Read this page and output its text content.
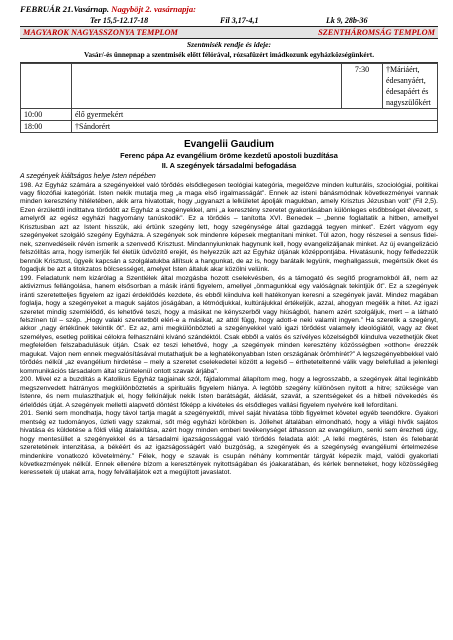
FEBRUÁR 21.Vasárnap. Nagyböjt 2. vasárnapja:
Ter 15,5-12.17-18	Fil 3,17-4,1	Lk 9, 28b-36
MAGYAROK NAGYASSZONYA TEMPLOM	SZENTHÁROMSÁG TEMPLOM
Szentmisék rendje és ideje:
Vasár/-és ünnepnap a szentmisék előtt félórával, rózsafüzért imádkozunk egyházközségünkért.
		7:30	†Máriáért, édesanyáért, édesapáért és nagyszülőkért
10:00	élő gyermekért		
18:00	†Sándorért		
Evangelii Gaudium
Ferenc pápa Az evangélium öröme kezdetű apostoli buzdítása
II. A szegények társadalmi befogadása
A szegények kiáltságos helye Isten népében

198. Az Egyház számára a szegényekkel való törődés elsődlegesen teológiai kategória, megelőzve minden kulturális, szociológiai, politikai vagy filozófiai kategóriát. Isten nekik mutatja meg „a maga első irgalmasságát”. Ennek az isteni bánásmódnak következményei vannak minden keresztény hitéletében, akik arra hivatottak, hogy „ugyanazt a lelkületet ápolják magukban, amely Krisztus Jézusban volt” (Fil 2,5). Ezen érzülettől indíttatva törődött az Egyház a szegényekkel, ami „a keresztény szeretet gyakorlásában különleges elsőbbséget élvezett, s amelyről az egész egyházi hagyomány tanúskodik”. Ez a törődés – tanította XVI. Benedek – „benne foglaltatik a hitben, amellyel Krisztusban azt az Istent hisszük, aki értünk szegény lett, hogy szegénysége által gazdaggá tegyen minket”. Ezért vágyom egy szegényeket szolgáló szegény Egyházra. A szegények sok mindenre képesek megtanítani minket. Túl azon, hogy részesei a sensus fidei-nek, szenvedéseik révén ismerik a szenvedő Krisztust. Mindannyiunknak hagynunk kell, hogy evangelizáljanak minket. Az új evangelizáció felszólítás arra, hogy ismerjük fel életük üdvözítő erejét, és helyezzük azt az Egyház útjának középpontjába. Hivatásunk, hogy felfedezzük bennük Krisztust, ügyeik kapcsán a szolgálatukba állítsuk a hangunkat, de az is, hogy barátaik legyünk, meghallgassuk, megértsük őket és fogadjuk be azt a titokzatos bölcsességet, amelyet Isten általuk akar közölni velünk.

199. Feladatunk nem kizárólag a Szentlélek által mozgásba hozott cselekvésben, és a támogató és segítő programokból áll, nem az aktivizmus fellángolása, hanem elsősorban a másik iránti figyelem, amellyel „önmagunkkal egy valóságnak tekintjük őt”. Ez a szegények iránti szeretetteljes figyelem az igazi érdeklődés kezdete, és ebből kiindulva kell hatékonyan keresni a szegények javát. Mindez magában foglalja, hogy a szegényeket a maguk sajátos jóságában, a létmódjukkal, kultúrájukkal értékeljük, azzal, ahogyan megélik a hitet. Az igazi szeretet mindig szemlélődő, és lehetővé teszi, hogy a másikat ne kényszerből vagy hiúságból, hanem azért szolgáljuk, mert – a látható felszínen túl – szép. „Hogy valaki szeretetből eléri-e a másikat, az attól függ, hogy adott-e neki valamit ingyen.” Ha szeretik a szegényt, akkor „nagy értékűnek tekintik őt”. Ez az, ami megkülönbözteti a szegényekkel való igazi törődést valamely ideológiától, vagy az őket személyes, esetleg politikai célokra felhasználni kívánó szándéktól. Csak ebből a valós és szívélyes közelségből kiindulva vezethetjük őket megfelelően felszabadulásuk útján. Csak ez teszi lehetővé, hogy „a szegények minden keresztény közösségben »otthon« érezzék magukat. Vajon nem ennek megvalósításával mutathatjuk be a leghatékonyabban Isten országának örömhírét?” A legszegényebbekkel való törődés nélkül „az evangélium hirdetése – mely a szeretet cselekedetei között a legelső – értheteteltenné válik vagy belefullad a jelenlegi kommunikációs társadalom által szüntelenül ontott szavak árjába”.

200. Mivel ez a buzdítás a Katolikus Egyház tagjainak szól, fájdalommal állapítom meg, hogy a legrosszabb, a szegények által leginkább megszenvedett hátrányos megkülönböztetés a spirituális figyelem hiánya. A legtöbb szegény különösen nyitott a hitre; szüksége van Istenre, és nem mulaszthatjuk el, hogy felkínáljuk nekik Isten barátságát, áldását, szavát, a szentségeket és a hitbeli növekedés és érlelődés útját. A szegények melletti alapvető döntést főképp a kivételes és elsődleges vallási figyelem nyelvére kell lefordítani.

201. Senki sem mondhatja, hogy távol tartja magát a szegényektől, mivel saját hivatása több figyelmet követel egyéb teendőkre. Gyakori mentség ez tudományos, üzleti vagy szakmai, sőt még egyházi körökben is. Jóllehet általában elmondható, hogy a világi hívők sajátos hivatása és küldetése a földi világ átalakítása, azért hogy minden emberi tevékenységet áthasson az evangélium, senki sem érezheti úgy, hogy mentesüllet a szegényekkel és a társadalmi igazságossággal való törődés feladata alól: „A lelki megtérés, Isten és felebarát szeretetének intenzitása, a békéért és az igazságosságért való buzgóság, a szegények és a szegénység evangéliumi értelmezése mindenkire vonatkozó követelmény.” Félek, hogy e szavak is csupán néhány kommentár tárgyát képezik majd, valódi gyakorlati következmények nélkül. Ennek ellenére bízom a keresztények nyitottságában és jóakaratában, és kérlek benneteket, hogy közösségileg keressetek új utakat arra, hogy felvállaljátok ezt a megújított javaslatot.
